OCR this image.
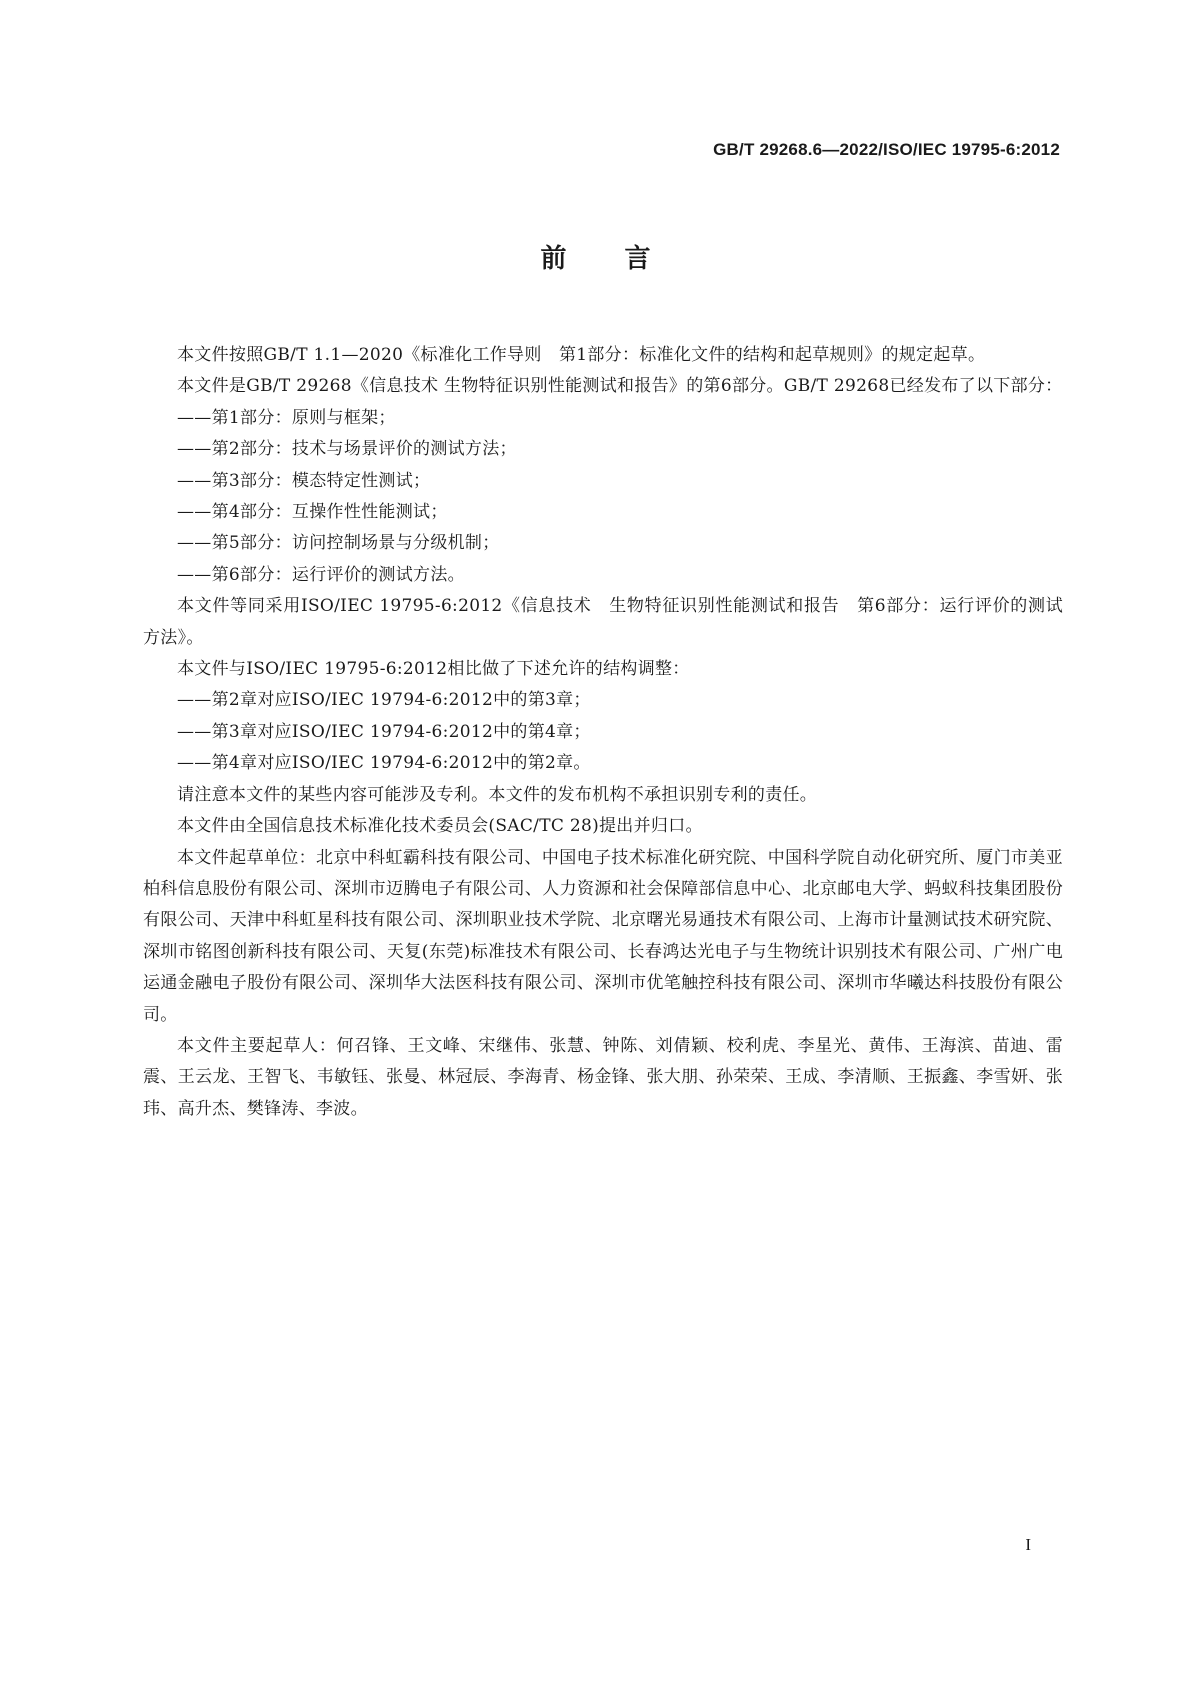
GB/T 29268.6—2022/ISO/IEC 19795-6:2012
前言

本文件按照GB/T 1.1—2020《标准化工作导则　第1部分：标准化文件的结构和起草规则》的规定起草。

本文件是GB/T 29268《信息技术 生物特征识别性能测试和报告》的第6部分。GB/T 29268已经发布了以下部分：

——第1部分：原则与框架；

——第2部分：技术与场景评价的测试方法；

——第3部分：模态特定性测试；

——第4部分：互操作性性能测试；

——第5部分：访问控制场景与分级机制；

——第6部分：运行评价的测试方法。

本文件等同采用ISO/IEC 19795-6:2012《信息技术　生物特征识别性能测试和报告　第6部分：运行评价的测试方法》。

本文件与ISO/IEC 19795-6:2012相比做了下述允许的结构调整：

——第2章对应ISO/IEC 19794-6:2012中的第3章；

——第3章对应ISO/IEC 19794-6:2012中的第4章；

——第4章对应ISO/IEC 19794-6:2012中的第2章。

请注意本文件的某些内容可能涉及专利。本文件的发布机构不承担识别专利的责任。

本文件由全国信息技术标准化技术委员会(SAC/TC 28)提出并归口。

本文件起草单位：北京中科虹霸科技有限公司、中国电子技术标准化研究院、中国科学院自动化研究所、厦门市美亚柏科信息股份有限公司、深圳市迈腾电子有限公司、人力资源和社会保障部信息中心、北京邮电大学、蚂蚁科技集团股份有限公司、天津中科虹星科技有限公司、深圳职业技术学院、北京曙光易通技术有限公司、上海市计量测试技术研究院、深圳市铭图创新科技有限公司、天复(东莞)标准技术有限公司、长春鸿达光电子与生物统计识别技术有限公司、广州广电运通金融电子股份有限公司、深圳华大法医科技有限公司、深圳市优笔触控科技有限公司、深圳市华曦达科技股份有限公司。

本文件主要起草人：何召锋、王文峰、宋继伟、张慧、钟陈、刘倩颖、校利虎、李星光、黄伟、王海滨、苗迪、雷震、王云龙、王智飞、韦敏钰、张曼、林冠辰、李海青、杨金锋、张大朋、孙荣荣、王成、李清顺、王振鑫、李雪妍、张玮、高升杰、樊锋涛、李波。

I
